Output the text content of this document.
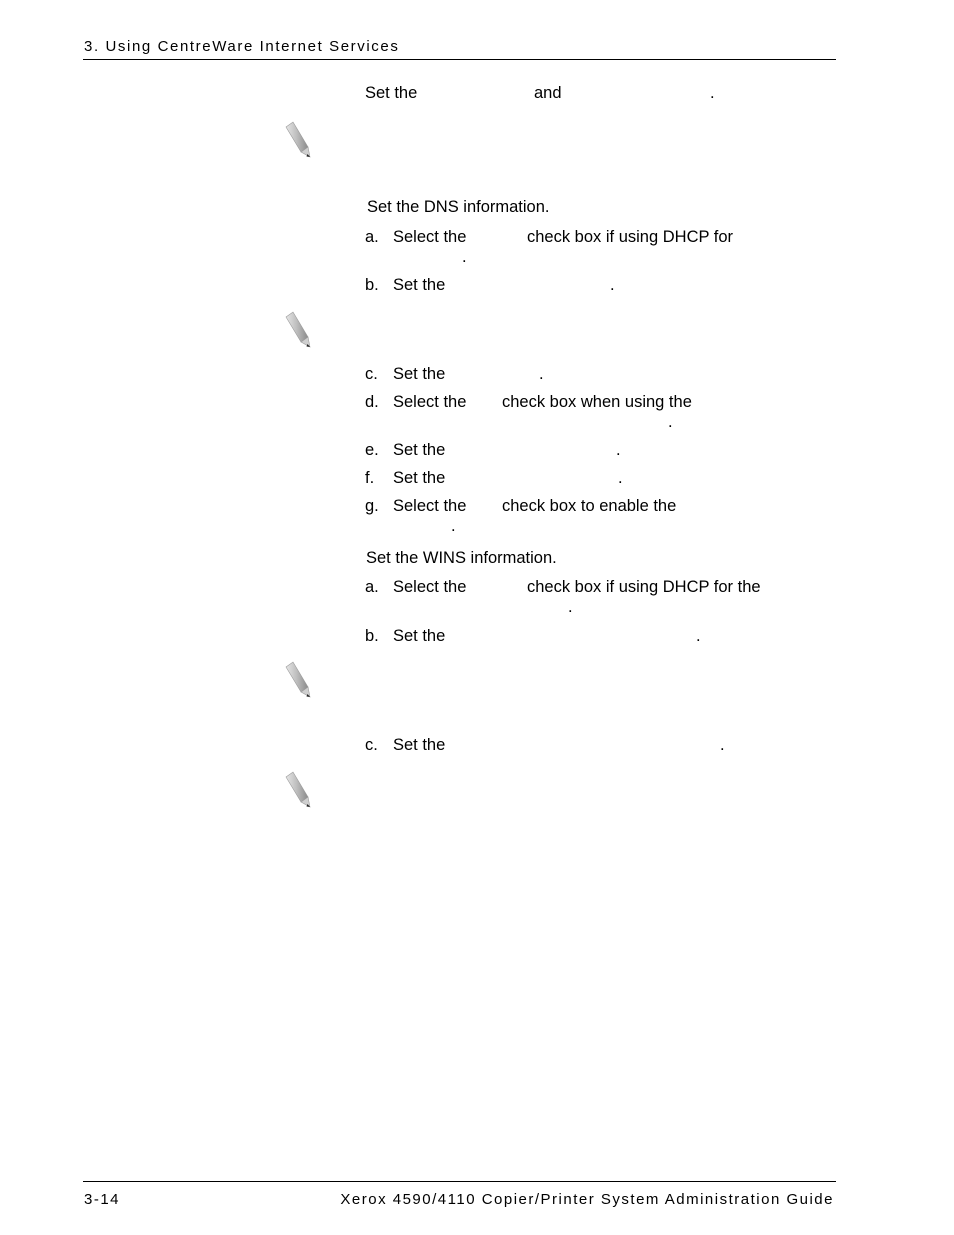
3. Using CentreWare Internet Services
Set the	and	.
Set the DNS information.
a. Select the	check box if using DHCP for
.
b. Set the	.
c. Set the	.
d. Select the check box when using the
.
e. Set the	.
f. Set the	.
g. Select the check box to enable the
.
Set the WINS information.
a. Select the	check box if using DHCP for the
.
b. Set the	.
c. Set the	.
3-14	Xerox 4590/4110 Copier/Printer System Administration Guide
